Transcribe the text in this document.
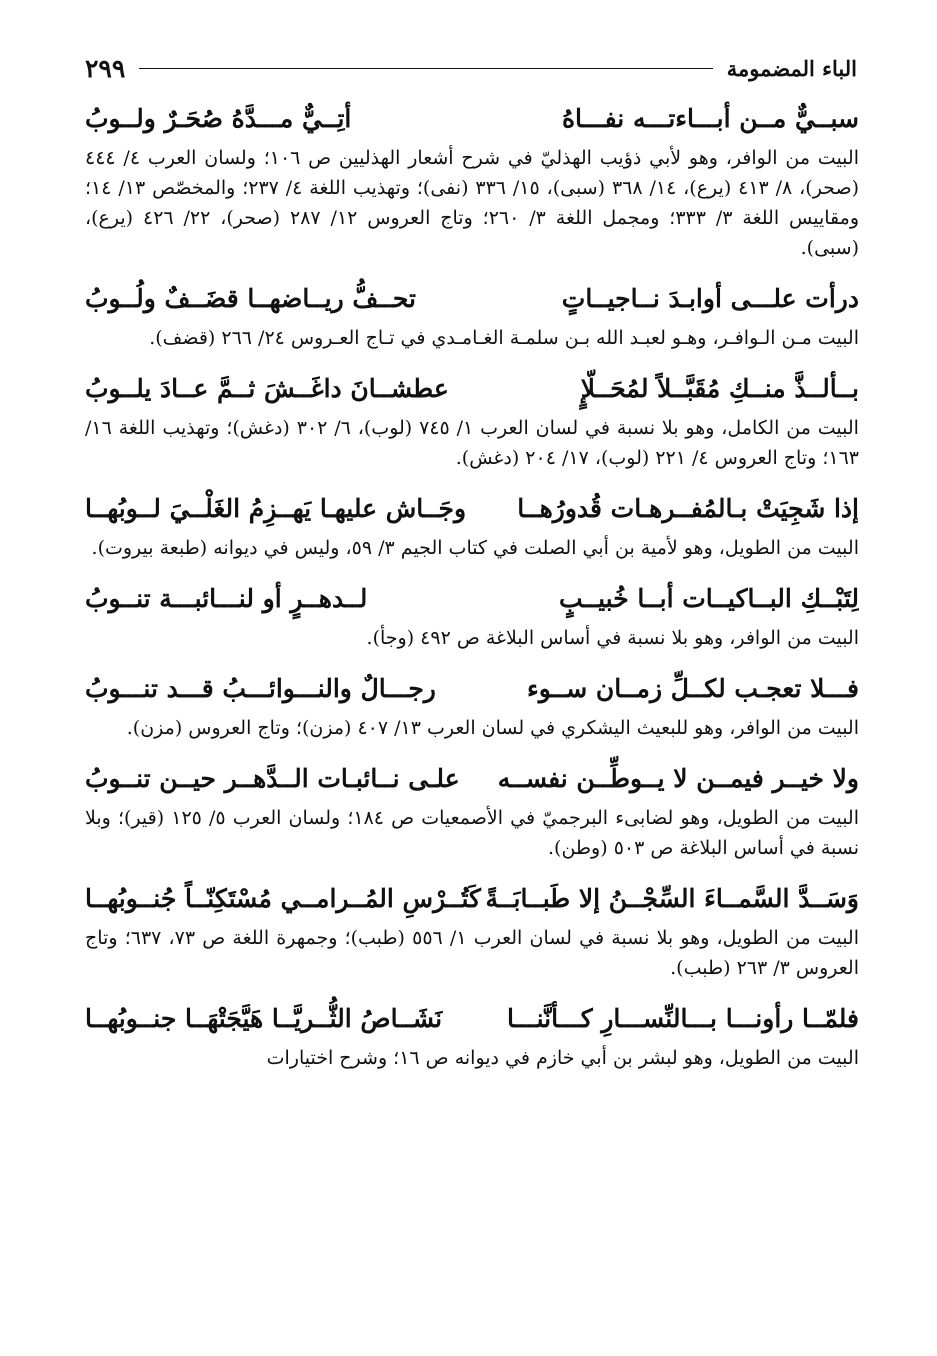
الباء المضمومة
٢٩٩
سبــيٌّ مــن أبـــاءتـــه نفـــاهُ
أتِــيٌّ مـــدَّهُ صُحَـرٌ ولــوبُ
البيت من الوافر، وهو لأبي ذؤيب الهذليّ في شرح أشعار الهذليين ص ١٠٦؛ ولسان العرب ٤/ ٤٤٤ (صحر)، ٨/ ٤١٣ (يرع)، ١٤/ ٣٦٨ (سبى)، ١٥/ ٣٣٦ (نفى)؛ وتهذيب اللغة ٤/ ٢٣٧؛ والمخصّص ١٣/ ١٤؛ ومقاييس اللغة ٣/ ٣٣٣؛ ومجمل اللغة ٣/ ٢٦٠؛ وتاج العروس ١٢/ ٢٨٧ (صحر)، ٢٢/ ٤٢٦ (يرع)، (سبى).
درأت علـــى أوابـدَ نــاجيــاتٍ
تحــفُّ ريــاضهــا قضَــفٌ ولُــوبُ
البيت مـن الـوافـر، وهـو لعبـد الله بـن سلمـة الغـامـدي في تـاج العـروس ٢٤/ ٢٦٦ (قضف).
بــألــذَّ منــكِ مُقَبَّــلاً لمُحَــلّإٍ
عطشــانَ داغَــشَ ثــمَّ عــادَ يلــوبُ
البيت من الكامل، وهو بلا نسبة في لسان العرب ١/ ٧٤٥ (لوب)، ٦/ ٣٠٢ (دغش)؛ وتهذيب اللغة ١٦/ ١٦٣؛ وتاج العروس ٤/ ٢٢١ (لوب)، ١٧/ ٢٠٤ (دغش).
إذا شَجِيَتْ بـالمُفــرهـات قُدورُهــا
وجَــاش عليهـا يَهــزِمُ الغَلْــيَ لــوبُهــا
البيت من الطويل، وهو لأمية بن أبي الصلت في كتاب الجيم ٣/ ٥٩، وليس في ديوانه (طبعة بيروت).
لِتَبْــكِ البــاكيــات أبــا خُبيــبٍ
لــدهــرٍ أو لنـــائبـــة تنــوبُ
البيت من الوافر، وهو بلا نسبة في أساس البلاغة ص ٤٩٢ (وجأ).
فـــلا تعجـب لكــلِّ زمــان ســوء
رجـــالٌ والنـــوائـــبُ قـــد تنـــوبُ
البيت من الوافر، وهو للبعيث اليشكري في لسان العرب ١٣/ ٤٠٧ (مزن)؛ وتاج العروس (مزن).
ولا خيــر فيمــن لا يــوطِّــن نفســه
علـى نــائبـات الــدَّهــر حيــن تنــوبُ
البيت من الطويل، وهو لضابىء البرجميّ في الأصمعيات ص ١٨٤؛ ولسان العرب ٥/ ١٢٥ (قير)؛ وبلا نسبة في أساس البلاغة ص ٥٠٣ (وطن).
وَسَــدَّ السَّمــاءَ السِّجْــنُ إلا طَبــابَــةً
كَتُــرْسِ المُــرامــي مُسْتَكِنّــاً جُنــوبُهــا
البيت من الطويل، وهو بلا نسبة في لسان العرب ١/ ٥٥٦ (طبب)؛ وجمهرة اللغة ص ٧٣، ٦٣٧؛ وتاج العروس ٣/ ٢٦٣ (طبب).
فلمّــا رأونـــا بـــالنِّســـارِ كـــأنَّنـــا
نَشَــاصُ الثُّــريَّــا هَيَّجَتْهَــا جنــوبُهــا
البيت من الطويل، وهو لبشر بن أبي خازم في ديوانه ص ١٦؛ وشرح اختيارات
